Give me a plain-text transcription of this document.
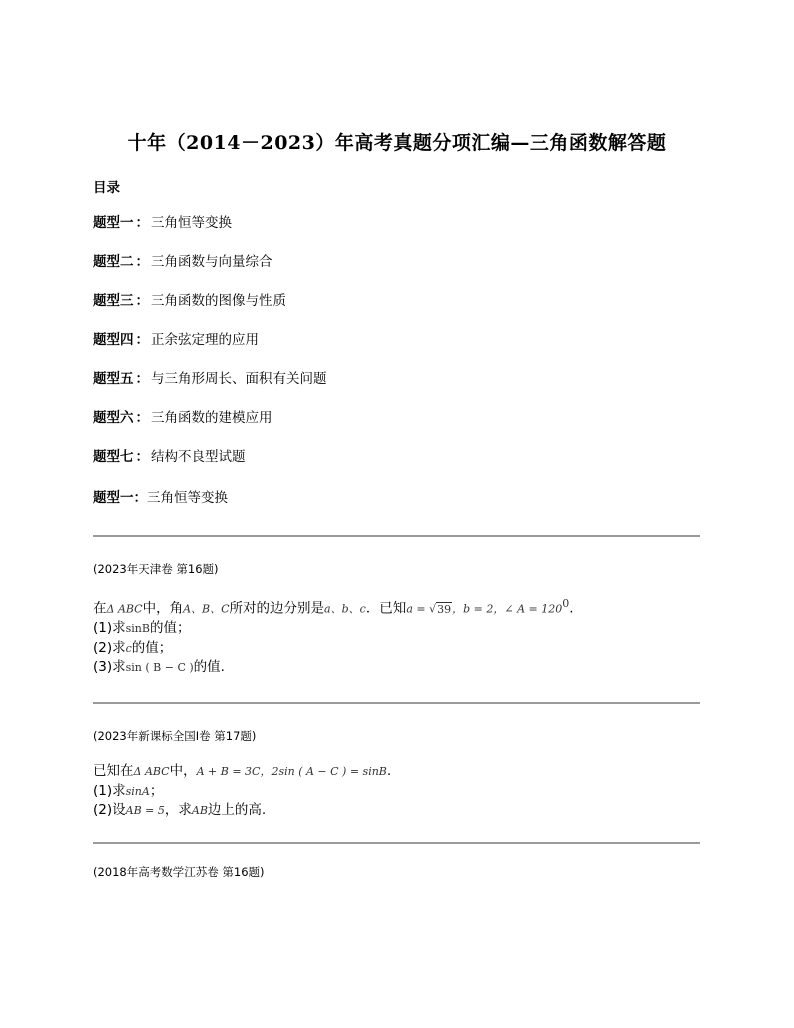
十年（2014－2023）年高考真题分项汇编—三角函数解答题
目录
题型一 ： 三角恒等变换
题型二 ： 三角函数与向量综合
题型三 ： 三角函数的图像与性质
题型四 ： 正余弦定理的应用
题型五 ： 与三角形周长、面积有关问题
题型六 ： 三角函数的建模应用
题型七 ： 结构不良型试题
题型一：三角恒等变换

(2023年天津卷 第16题)

在Δ ABC中，角A、B、C所对的边分别是a、b、c．已知a = √39，b = 2，∠ $A = 120^0$.

(1)求sinB的值；

(2)求c的值；

(3)求sin ( B − C )的值.

(2023年新课标全国Ⅰ卷 第17题)

已知在Δ ABC中，A + B = 3C，2sin ( A − C ) = sinB.

(1)求sinA；

(2)设AB = 5，求AB边上的高.

(2018年高考数学江苏卷 第16题)
